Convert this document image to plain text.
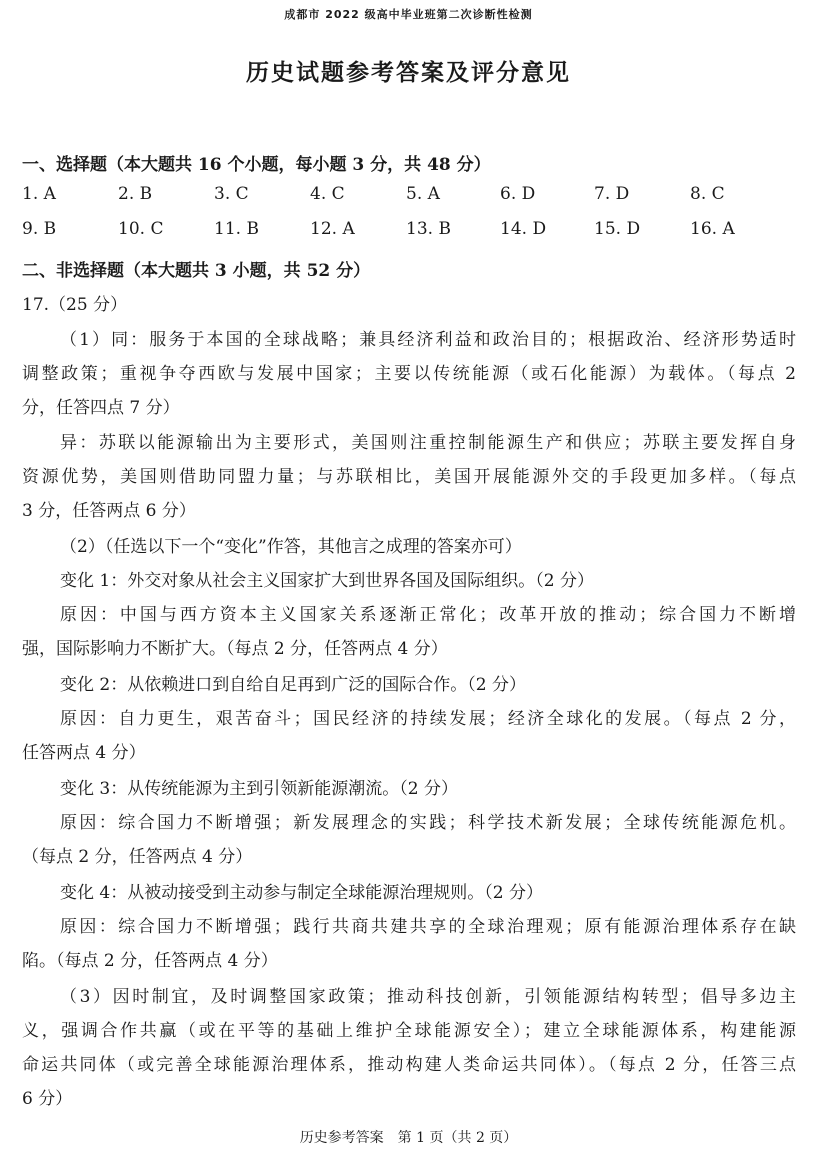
成都市 2022 级高中毕业班第二次诊断性检测
历史试题参考答案及评分意见
一、选择题（本大题共 16 个小题，每小题 3 分，共 48 分）
1. A	2. B	3. C	4. C	5. A	6. D	7. D	8. C
9. B	10. C	11. B	12. A	13. B	14. D	15. D	16. A
二、非选择题（本大题共 3 小题，共 52 分）
17.（25 分）
（1）同：服务于本国的全球战略；兼具经济利益和政治目的；根据政治、经济形势适时
调整政策；重视争夺西欧与发展中国家；主要以传统能源（或石化能源）为载体。（每点 2
分，任答四点 7 分）
异：苏联以能源输出为主要形式，美国则注重控制能源生产和供应；苏联主要发挥自身
资源优势，美国则借助同盟力量；与苏联相比，美国开展能源外交的手段更加多样。（每点
3 分，任答两点 6 分）
（2）（任选以下一个“变化”作答，其他言之成理的答案亦可）
变化 1：外交对象从社会主义国家扩大到世界各国及国际组织。（2 分）
原因：中国与西方资本主义国家关系逐渐正常化；改革开放的推动；综合国力不断增
强，国际影响力不断扩大。（每点 2 分，任答两点 4 分）
变化 2：从依赖进口到自给自足再到广泛的国际合作。（2 分）
原因：自力更生，艰苦奋斗；国民经济的持续发展；经济全球化的发展。（每点 2 分，
任答两点 4 分）
变化 3：从传统能源为主到引领新能源潮流。（2 分）
原因：综合国力不断增强；新发展理念的实践；科学技术新发展；全球传统能源危机。
（每点 2 分，任答两点 4 分）
变化 4：从被动接受到主动参与制定全球能源治理规则。（2 分）
原因：综合国力不断增强；践行共商共建共享的全球治理观；原有能源治理体系存在缺
陷。（每点 2 分，任答两点 4 分）
（3）因时制宜，及时调整国家政策；推动科技创新，引领能源结构转型；倡导多边主
义，强调合作共赢（或在平等的基础上维护全球能源安全）；建立全球能源体系，构建能源
命运共同体（或完善全球能源治理体系，推动构建人类命运共同体）。（每点 2 分，任答三点
6 分）
历史参考答案　第 1 页（共 2 页）
